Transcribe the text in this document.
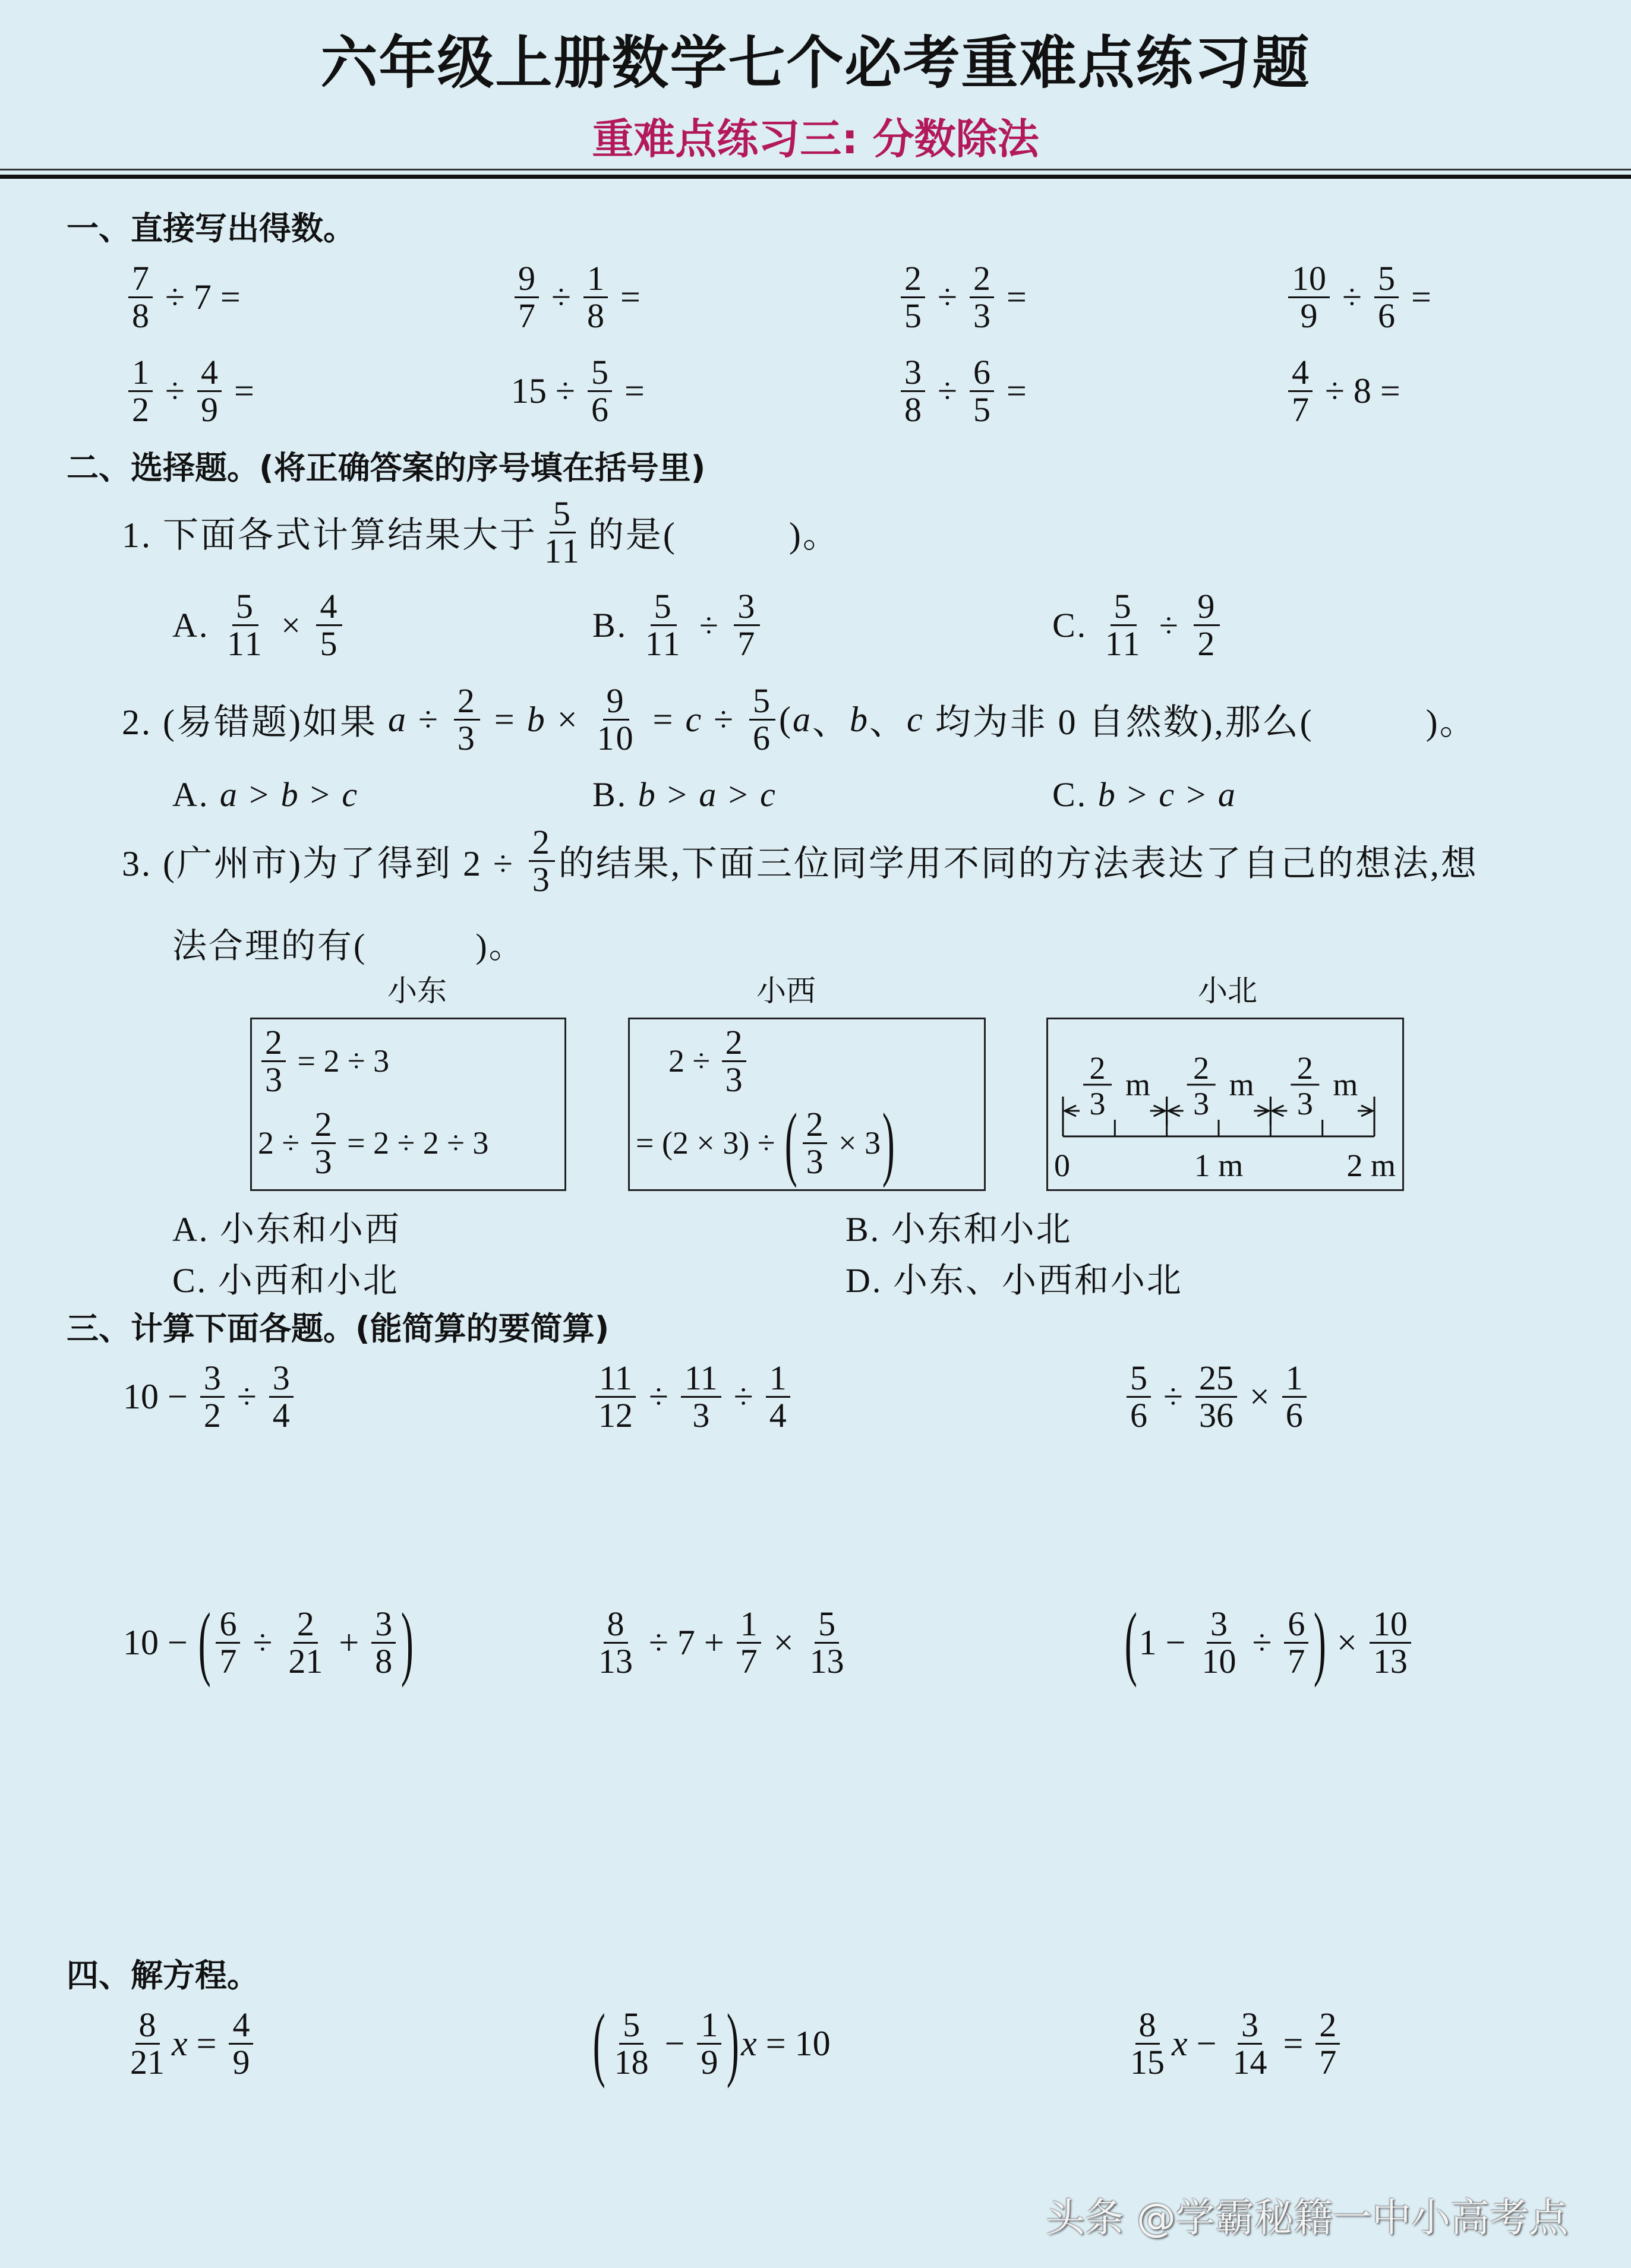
六年级上册数学七个必考重难点练习题
重难点练习三: 分数除法
一、直接写出得数。
$\frac{7}{8} \div 7$ =	$\frac{9}{7} \div \frac{1}{8}$ =	$\frac{2}{5} \div \frac{2}{3}$ =	$\frac{10}{9} \div \frac{5}{6}$ =
$\frac{1}{2} \div \frac{4}{9}$ =	$15 \div \frac{5}{6}$ =	$\frac{3}{8} \div \frac{6}{5}$ =	$\frac{4}{7} \div 8$ =
二、选择题。(将正确答案的序号填在括号里)
1. 下面各式计算结果大于 $\frac{5}{11}$ 的是(　　　)。
A. $\frac{5}{11} \times \frac{4}{5}$	B. $\frac{5}{11} \div \frac{3}{7}$	C. $\frac{5}{11} \div \frac{9}{2}$
2. (易错题)如果 $a \div \frac{2}{3} = b \times \frac{9}{10} = c \div \frac{5}{6}$ ( a 、 b 、 c 均为非 0 自然数),那么(　　　)。
A. a > b > c	B. b > a > c	C. b > c > a
3. (广州市)为了得到 $2 \div \frac{2}{3}$ 的结果,下面三位同学用不同的方法表达了自己的想法,想
法合理的有(　　　)。
小东	小西	小北
$\frac{2}{3} = 2 \div 3$
$2 \div \frac{2}{3} = 2 \div 2 \div 3$
$2 \div \frac{2}{3}$
= (2 × 3) ÷ ( $\frac{2}{3} \times 3$ )
2
3
m 2
3
m 2
3
m
0	1 m	2 m
A. 小东和小西	B. 小东和小北
C. 小西和小北	D. 小东、小西和小北
三、计算下面各题。(能简算的要简算)
$10 - \frac{3}{2} \div \frac{3}{4}$	$\frac{11}{12} \div \frac{11}{3} \div \frac{1}{4}$	$\frac{5}{6} \div \frac{25}{36} \times \frac{1}{6}$
10 − ( $\frac{6}{7} \div \frac{2}{21} + \frac{3}{8}$ )	$\frac{8}{13} \div 7 + \frac{1}{7} \times \frac{5}{13}$	( $1 - \frac{3}{10} \div \frac{6}{7}$ ) × $\frac{10}{13}$
四、解方程。
$\frac{8}{21}$ $x = \frac{4}{9}$	( $\frac{5}{18} - \frac{1}{9}$ ) x = 10	$\frac{8}{15}$ $x - \frac{3}{14} = \frac{2}{7}$
头条 @学霸秘籍一中小高考点
